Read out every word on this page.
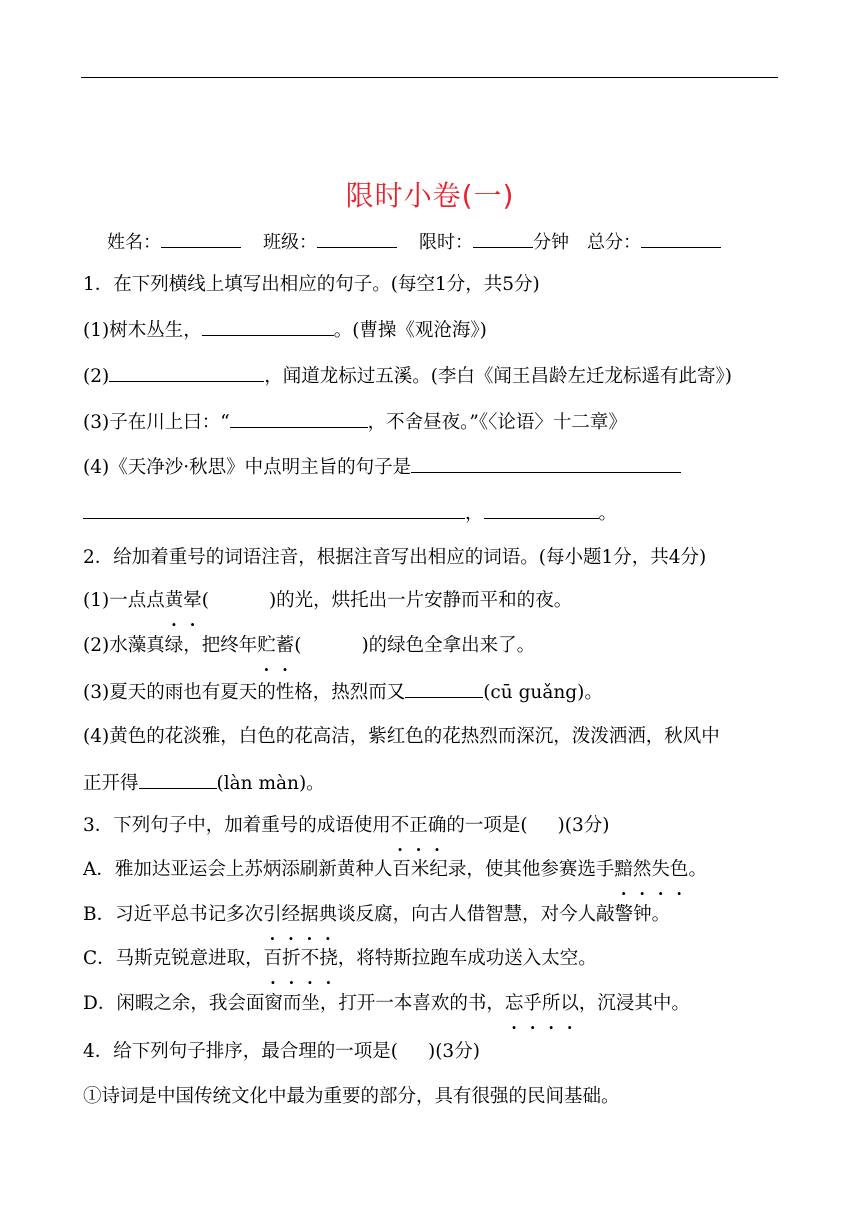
限时小卷(一)
姓名：	班级：	限时：	分钟 总分：
1．在下列横线上填写出相应的句子。(每空1分，共5分)
(1)树木丛生，	。(曹操《观沧海》)
(2)	，闻道龙标过五溪。(李白《闻王昌龄左迁龙标遥有此寄》)
(3)子在川上曰：“	，不舍昼夜。”《〈论语〉十二章》
(4)《天净沙·秋思》中点明主旨的句子是
，	。
2．给加着重号的词语注音，根据注音写出相应的词语。(每小题1分，共4分)
(1)一点点黄晕(	)的光，烘托出一片安静而平和的夜。
(2)水藻真绿，把终年贮蓄(	)的绿色全拿出来了。
(3)夏天的雨也有夏天的性格，热烈而又	(cū guǎng)。
(4)黄色的花淡雅，白色的花高洁，紫红色的花热烈而深沉，泼泼洒洒，秋风中
正开得	(làn màn)。
3．下列句子中，加着重号的成语使用不正确的一项是( )(3分)
A．雅加达亚运会上苏炳添刷新黄种人百米纪录，使其他参赛选手黯然失色。
B．习近平总书记多次引经据典谈反腐，向古人借智慧，对今人敲警钟。
C．马斯克锐意进取，百折不挠，将特斯拉跑车成功送入太空。
D．闲暇之余，我会面窗而坐，打开一本喜欢的书，忘乎所以，沉浸其中。
4．给下列句子排序，最合理的一项是( )(3分)
①诗词是中国传统文化中最为重要的部分，具有很强的民间基础。
